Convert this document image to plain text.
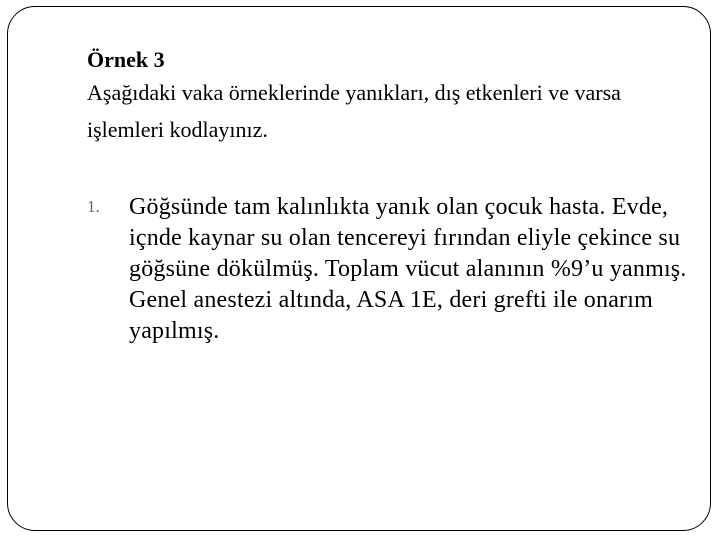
Örnek 3

Aşağıdaki vaka örneklerinde yanıkları, dış etkenleri ve varsa işlemleri kodlayınız.

1. Göğsünde tam kalınlıkta yanık olan çocuk hasta. Evde, içnde kaynar su olan tencereyi fırından eliyle çekince su göğsüne dökülmüş. Toplam vücut alanının %9’u yanmış. Genel anestezi altında, ASA 1E, deri grefti ile onarım yapılmış.
